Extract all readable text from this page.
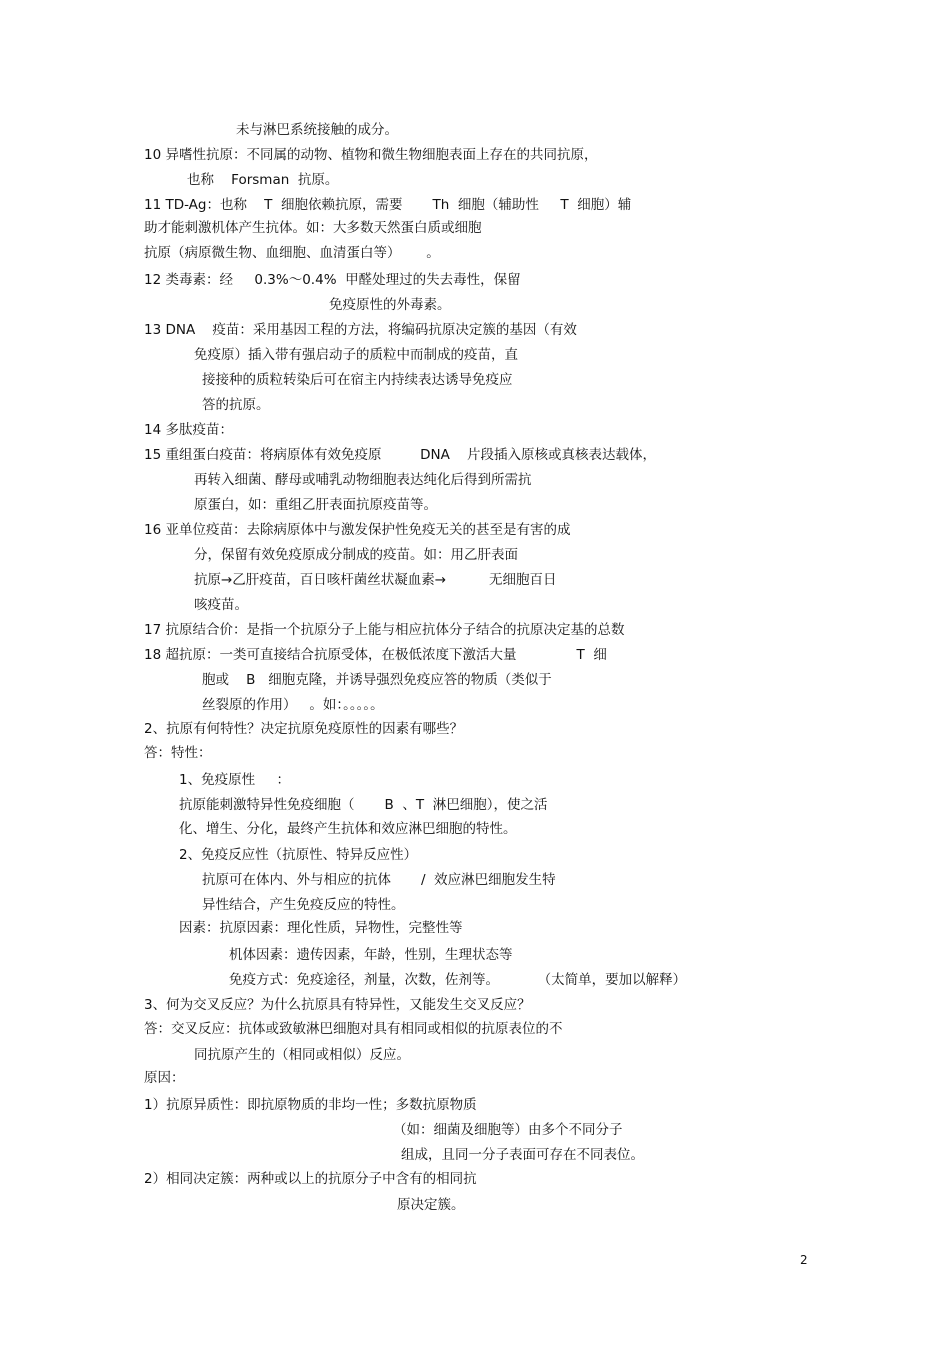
未与淋巴系统接触的成分。
10 异嗜性抗原：不同属的动物、植物和微生物细胞表面上存在的共同抗原，
也称    Forsman  抗原。
11 TD-Ag：也称    T  细胞依赖抗原，需要       Th  细胞（辅助性     T  细胞）辅
助才能刺激机体产生抗体。如：大多数天然蛋白质或细胞
抗原（病原微生物、血细胞、血清蛋白等）      。
12 类毒素：经     0.3%～0.4%  甲醛处理过的失去毒性，保留
免疫原性的外毒素。
13 DNA    疫苗：采用基因工程的方法，将编码抗原决定簇的基因（有效
免疫原）插入带有强启动子的质粒中而制成的疫苗，直
接接种的质粒转染后可在宿主内持续表达诱导免疫应
答的抗原。
14 多肽疫苗：
15 重组蛋白疫苗：将病原体有效免疫原         DNA    片段插入原核或真核表达载体，
再转入细菌、酵母或哺乳动物细胞表达纯化后得到所需抗
原蛋白，如：重组乙肝表面抗原疫苗等。
16 亚单位疫苗：去除病原体中与激发保护性免疫无关的甚至是有害的成
分，保留有效免疫原成分制成的疫苗。如：用乙肝表面
抗原→乙肝疫苗，百日咳杆菌丝状凝血素→          无细胞百日
咳疫苗。
17 抗原结合价：是指一个抗原分子上能与相应抗体分子结合的抗原决定基的总数
18 超抗原：一类可直接结合抗原受体，在极低浓度下激活大量              T  细
胞或    B   细胞克隆，并诱导强烈免疫应答的物质（类似于
丝裂原的作用）   。如：。。。。。
2、抗原有何特性？决定抗原免疫原性的因素有哪些？
答：特性：
1、免疫原性     ：
抗原能刺激特异性免疫细胞（       B  、T  淋巴细胞），使之活
化、增生、分化，最终产生抗体和效应淋巴细胞的特性。
2、免疫反应性（抗原性、特异反应性）
抗原可在体内、外与相应的抗体       /  效应淋巴细胞发生特
异性结合，产生免疫反应的特性。
因素：抗原因素：理化性质，异物性，完整性等
机体因素：遗传因素，年龄，性别，生理状态等
免疫方式：免疫途径，剂量，次数，佐剂等。         （太简单，要加以解释）
3、何为交叉反应？为什么抗原具有特异性，又能发生交叉反应？
答：交叉反应：抗体或致敏淋巴细胞对具有相同或相似的抗原表位的不
同抗原产生的（相同或相似）反应。
原因：
1）抗原异质性：即抗原物质的非均一性；多数抗原物质
（如：细菌及细胞等）由多个不同分子
组成，且同一分子表面可存在不同表位。
2）相同决定簇：两种或以上的抗原分子中含有的相同抗
原决定簇。
2
